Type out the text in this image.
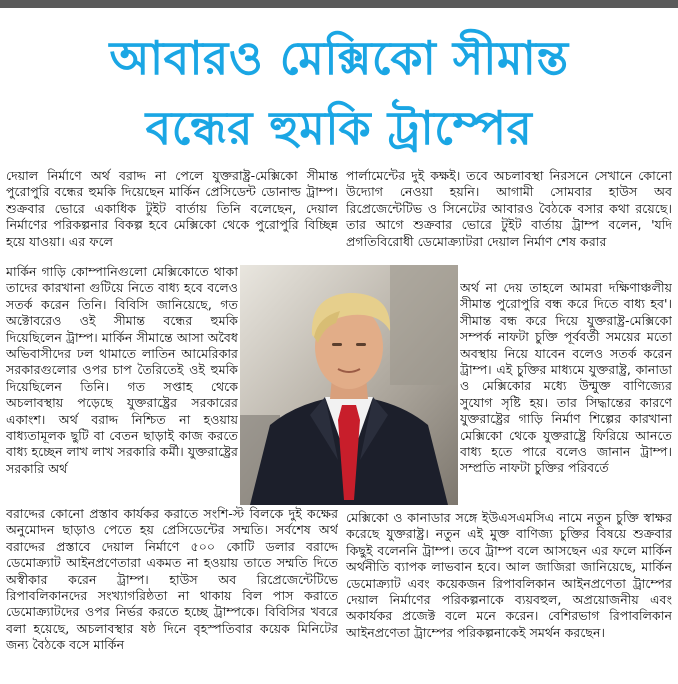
আবারও মেক্সিকো সীমান্ত
বন্ধের হুমকি ট্রাম্পের

দেয়াল নির্মাণে অর্থ বরাদ্দ না পেলে যুক্তরাষ্ট্র-মেক্সিকো সীমান্ত পুরোপুরি বন্ধের হুমকি দিয়েছেন মার্কিন প্রেসিডেন্ট ডোনাল্ড ট্রাম্প। শুক্রবার ভোরে একাধিক টুইট বার্তায় তিনি বলেছেন, দেয়াল নির্মাণের পরিকল্পনার বিকল্প হবে মেক্সিকো থেকে পুরোপুরি বিচ্ছিন্ন হয়ে যাওয়া। এর ফলে

মার্কিন গাড়ি কোম্পানিগুলো মেক্সিকোতে থাকা তাদের কারখানা গুটিয়ে নিতে বাধ্য হবে বলেও সতর্ক করেন তিনি। বিবিসি জানিয়েছে, গত অক্টোবরেও ওই সীমান্ত বন্ধের হুমকি দিয়েছিলেন ট্রাম্প। মার্কিন সীমান্তে আসা অবৈধ অভিবাসীদের ঢল থামাতে লাতিন আমেরিকার সরকারগুলোর ওপর চাপ তৈরিতেই ওই হুমকি দিয়েছিলেন তিনি। গত সপ্তাহ থেকে অচলাবস্থায় পড়েছে যুক্তরাষ্ট্রের সরকারের একাংশ। অর্থ বরাদ্দ নিশ্চিত না হওয়ায় বাধ্যতামূলক ছুটি বা বেতন ছাড়াই কাজ করতে বাধ্য হচ্ছেন লাখ লাখ সরকারি কর্মী। যুক্তরাষ্ট্রের সরকারি অর্থ

বরাদ্দের কোনো প্রস্তাব কার্যকর করাতে সংশি-স্ট বিলকে দুই কক্ষের অনুমোদন ছাড়াও পেতে হয় প্রেসিডেন্টের সম্মতি। সর্বশেষ অর্থ বরাদ্দের প্রস্তাবে দেয়াল নির্মাণে ৫০০ কোটি ডলার বরাদ্দে ডেমোক্র্যাট আইনপ্রণেতারা একমত না হওয়ায় তাতে সম্মতি দিতে অস্বীকার করেন ট্রাম্প। হাউস অব রিপ্রেজেন্টেটিভে রিপাবলিকানদের সংখ্যাগরিষ্ঠতা না থাকায় বিল পাস করাতে ডেমোক্র্যাটদের ওপর নির্ভর করতে হচ্ছে ট্রাম্পকে। বিবিসির খবরে বলা হয়েছে, অচলাবস্থার ষষ্ঠ দিনে বৃহস্পতিবার কয়েক মিনিটের জন্য বৈঠকে বসে মার্কিন

পার্লামেন্টের দুই কক্ষই। তবে অচলাবস্থা নিরসনে সেখানে কোনো উদ্যোগ নেওয়া হয়নি। আগামী সোমবার হাউস অব রিপ্রেজেন্টেটিভ ও সিনেটের আবারও বৈঠকে বসার কথা রয়েছে। তার আগে শুক্রবার ভোরে টুইট বার্তায় ট্রাম্প বলেন, 'যদি প্রগতিবিরোধী ডেমোক্র্যাটরা দেয়াল নির্মাণ শেষ করার

অর্থ না দেয় তাহলে আমরা দক্ষিণাঞ্চলীয় সীমান্ত পুরোপুরি বন্ধ করে দিতে বাধ্য হব'। সীমান্ত বন্ধ করে দিয়ে যুক্তরাষ্ট্র-মেক্সিকো সম্পর্ক নাফটা চুক্তি পূর্ববর্তী সময়ের মতো অবস্থায় নিয়ে যাবেন বলেও সতর্ক করেন ট্রাম্প। এই চুক্তির মাধ্যমে যুক্তরাষ্ট্র, কানাডা ও মেক্সিকোর মধ্যে উন্মুক্ত বাণিজ্যের সুযোগ সৃষ্টি হয়। তার সিদ্ধান্তের কারণে যুক্তরাষ্ট্রের গাড়ি নির্মাণ শিল্পের কারখানা মেক্সিকো থেকে যুক্তরাষ্ট্রে ফিরিয়ে আনতে বাধ্য হতে পারে বলেও জানান ট্রাম্প।সম্প্রতি নাফটা চুক্তির পরিবর্তে

মেক্সিকো ও কানাডার সঙ্গে ইউএসএমসিএ নামে নতুন চুক্তি স্বাক্ষর করেছে যুক্তরাষ্ট্র। নতুন এই মুক্ত বাণিজ্য চুক্তির বিষয়ে শুক্রবার কিছুই বলেননি ট্রাম্প। তবে ট্রাম্প বলে আসছেন এর ফলে মার্কিন অর্থনীতি ব্যাপক লাভবান হবে। আল জাজিরা জানিয়েছে, মার্কিন ডেমোক্র্যাট এবং কয়েকজন রিপাবলিকান আইনপ্রণেতা ট্রাম্পের দেয়াল নির্মাণের পরিকল্পনাকে ব্যয়বহুল, অপ্রয়োজনীয় এবং অকার্যকর প্রজেক্ট বলে মনে করেন। বেশিরভাগ রিপাবলিকান আইনপ্রণেতা ট্রাম্পের পরিকল্পনাকেই সমর্থন করছেন।
